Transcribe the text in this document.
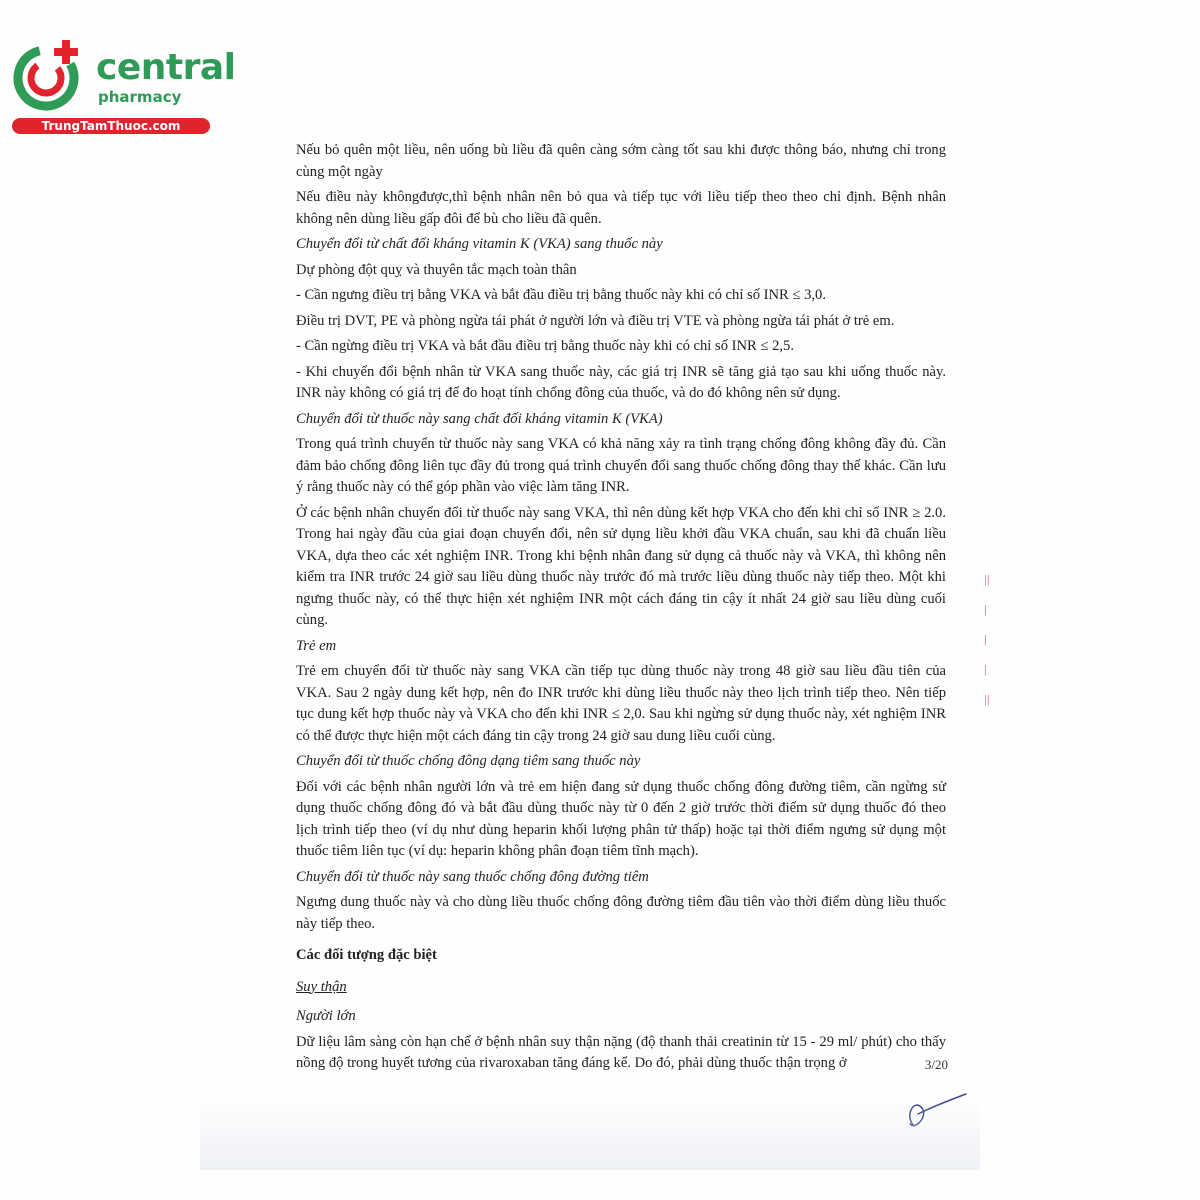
central
pharmacy
TrungTamThuoc.com

Nếu bỏ quên một liều, nên uống bù liều đã quên càng sớm càng tốt sau khi được thông báo, nhưng chỉ trong cùng một ngày

Nếu điều này khôngđược,thì bệnh nhân nên bỏ qua và tiếp tục với liều tiếp theo theo chỉ định. Bệnh nhân không nên dùng liều gấp đôi để bù cho liều đã quên.

Chuyển đổi từ chất đối kháng vitamin K (VKA) sang thuốc này

Dự phòng đột quỵ và thuyên tắc mạch toàn thân

- Cần ngưng điều trị bằng VKA và bắt đầu điều trị bằng thuốc này khi có chỉ số INR ≤ 3,0.

Điều trị DVT, PE và phòng ngừa tái phát ở người lớn và điều trị VTE và phòng ngừa tái phát ở trẻ em.

- Cần ngừng điều trị VKA và bắt đầu điều trị bằng thuốc này khi có chỉ số INR ≤ 2,5.

- Khi chuyển đổi bệnh nhân từ VKA sang thuốc này, các giá trị INR sẽ tăng giả tạo sau khi uống thuốc này. INR này không có giá trị để đo hoạt tính chống đông của thuốc, và do đó không nên sử dụng.

Chuyển đổi từ thuốc này sang chất đối kháng vitamin K (VKA)

Trong quá trình chuyển từ thuốc này sang VKA có khả năng xảy ra tình trạng chống đông không đầy đủ. Cần đảm bảo chống đông liên tục đầy đủ trong quá trình chuyển đổi sang thuốc chống đông thay thế khác. Cần lưu ý rằng thuốc này có thể góp phần vào việc làm tăng INR.

Ở các bệnh nhân chuyển đổi từ thuốc này sang VKA, thì nên dùng kết hợp VKA cho đến khi chỉ số INR ≥ 2.0. Trong hai ngày đầu của giai đoạn chuyển đổi, nên sử dụng liều khởi đầu VKA chuẩn, sau khi đã chuẩn liều VKA, dựa theo các xét nghiệm INR. Trong khi bệnh nhân đang sử dụng cả thuốc này và VKA, thì không nên kiểm tra INR trước 24 giờ sau liều dùng thuốc này trước đó mà trước liều dùng thuốc này tiếp theo. Một khi ngưng thuốc này, có thể thực hiện xét nghiệm INR một cách đáng tin cậy ít nhất 24 giờ sau liều dùng cuối cùng.

Trẻ em

Trẻ em chuyển đổi từ thuốc này sang VKA cần tiếp tục dùng thuốc này trong 48 giờ sau liều đầu tiên của VKA. Sau 2 ngày dung kết hợp, nên đo INR trước khi dùng liều thuốc này theo lịch trình tiếp theo. Nên tiếp tục dung kết hợp thuốc này và VKA cho đến khi INR ≤ 2,0. Sau khi ngừng sử dụng thuốc này, xét nghiệm INR có thể được thực hiện một cách đáng tin cậy trong 24 giờ sau dung liều cuối cùng.

Chuyển đổi từ thuốc chống đông dạng tiêm sang thuốc này

Đối với các bệnh nhân người lớn và trẻ em hiện đang sử dụng thuốc chống đông đường tiêm, cần ngừng sử dụng thuốc chống đông đó và bắt đầu dùng thuốc này từ 0 đến 2 giờ trước thời điểm sử dụng thuốc đó theo lịch trình tiếp theo (ví dụ như dùng heparin khối lượng phân tử thấp) hoặc tại thời điểm ngưng sử dụng một thuốc tiêm liên tục (ví dụ: heparin không phân đoạn tiêm tĩnh mạch).

Chuyển đổi từ thuốc này sang thuốc chống đông đường tiêm

Ngưng dung thuốc này và cho dùng liều thuốc chống đông đường tiêm đầu tiên vào thời điểm dùng liều thuốc này tiếp theo.

Các đối tượng đặc biệt

Suy thận

Người lớn

Dữ liệu lâm sàng còn hạn chế ở bệnh nhân suy thận nặng (độ thanh thải creatinin từ 15 - 29 ml/ phút) cho thấy nồng độ trong huyết tương của rivaroxaban tăng đáng kể. Do đó, phải dùng thuốc thận trọng ở	3/20
||
|
|
|
||
